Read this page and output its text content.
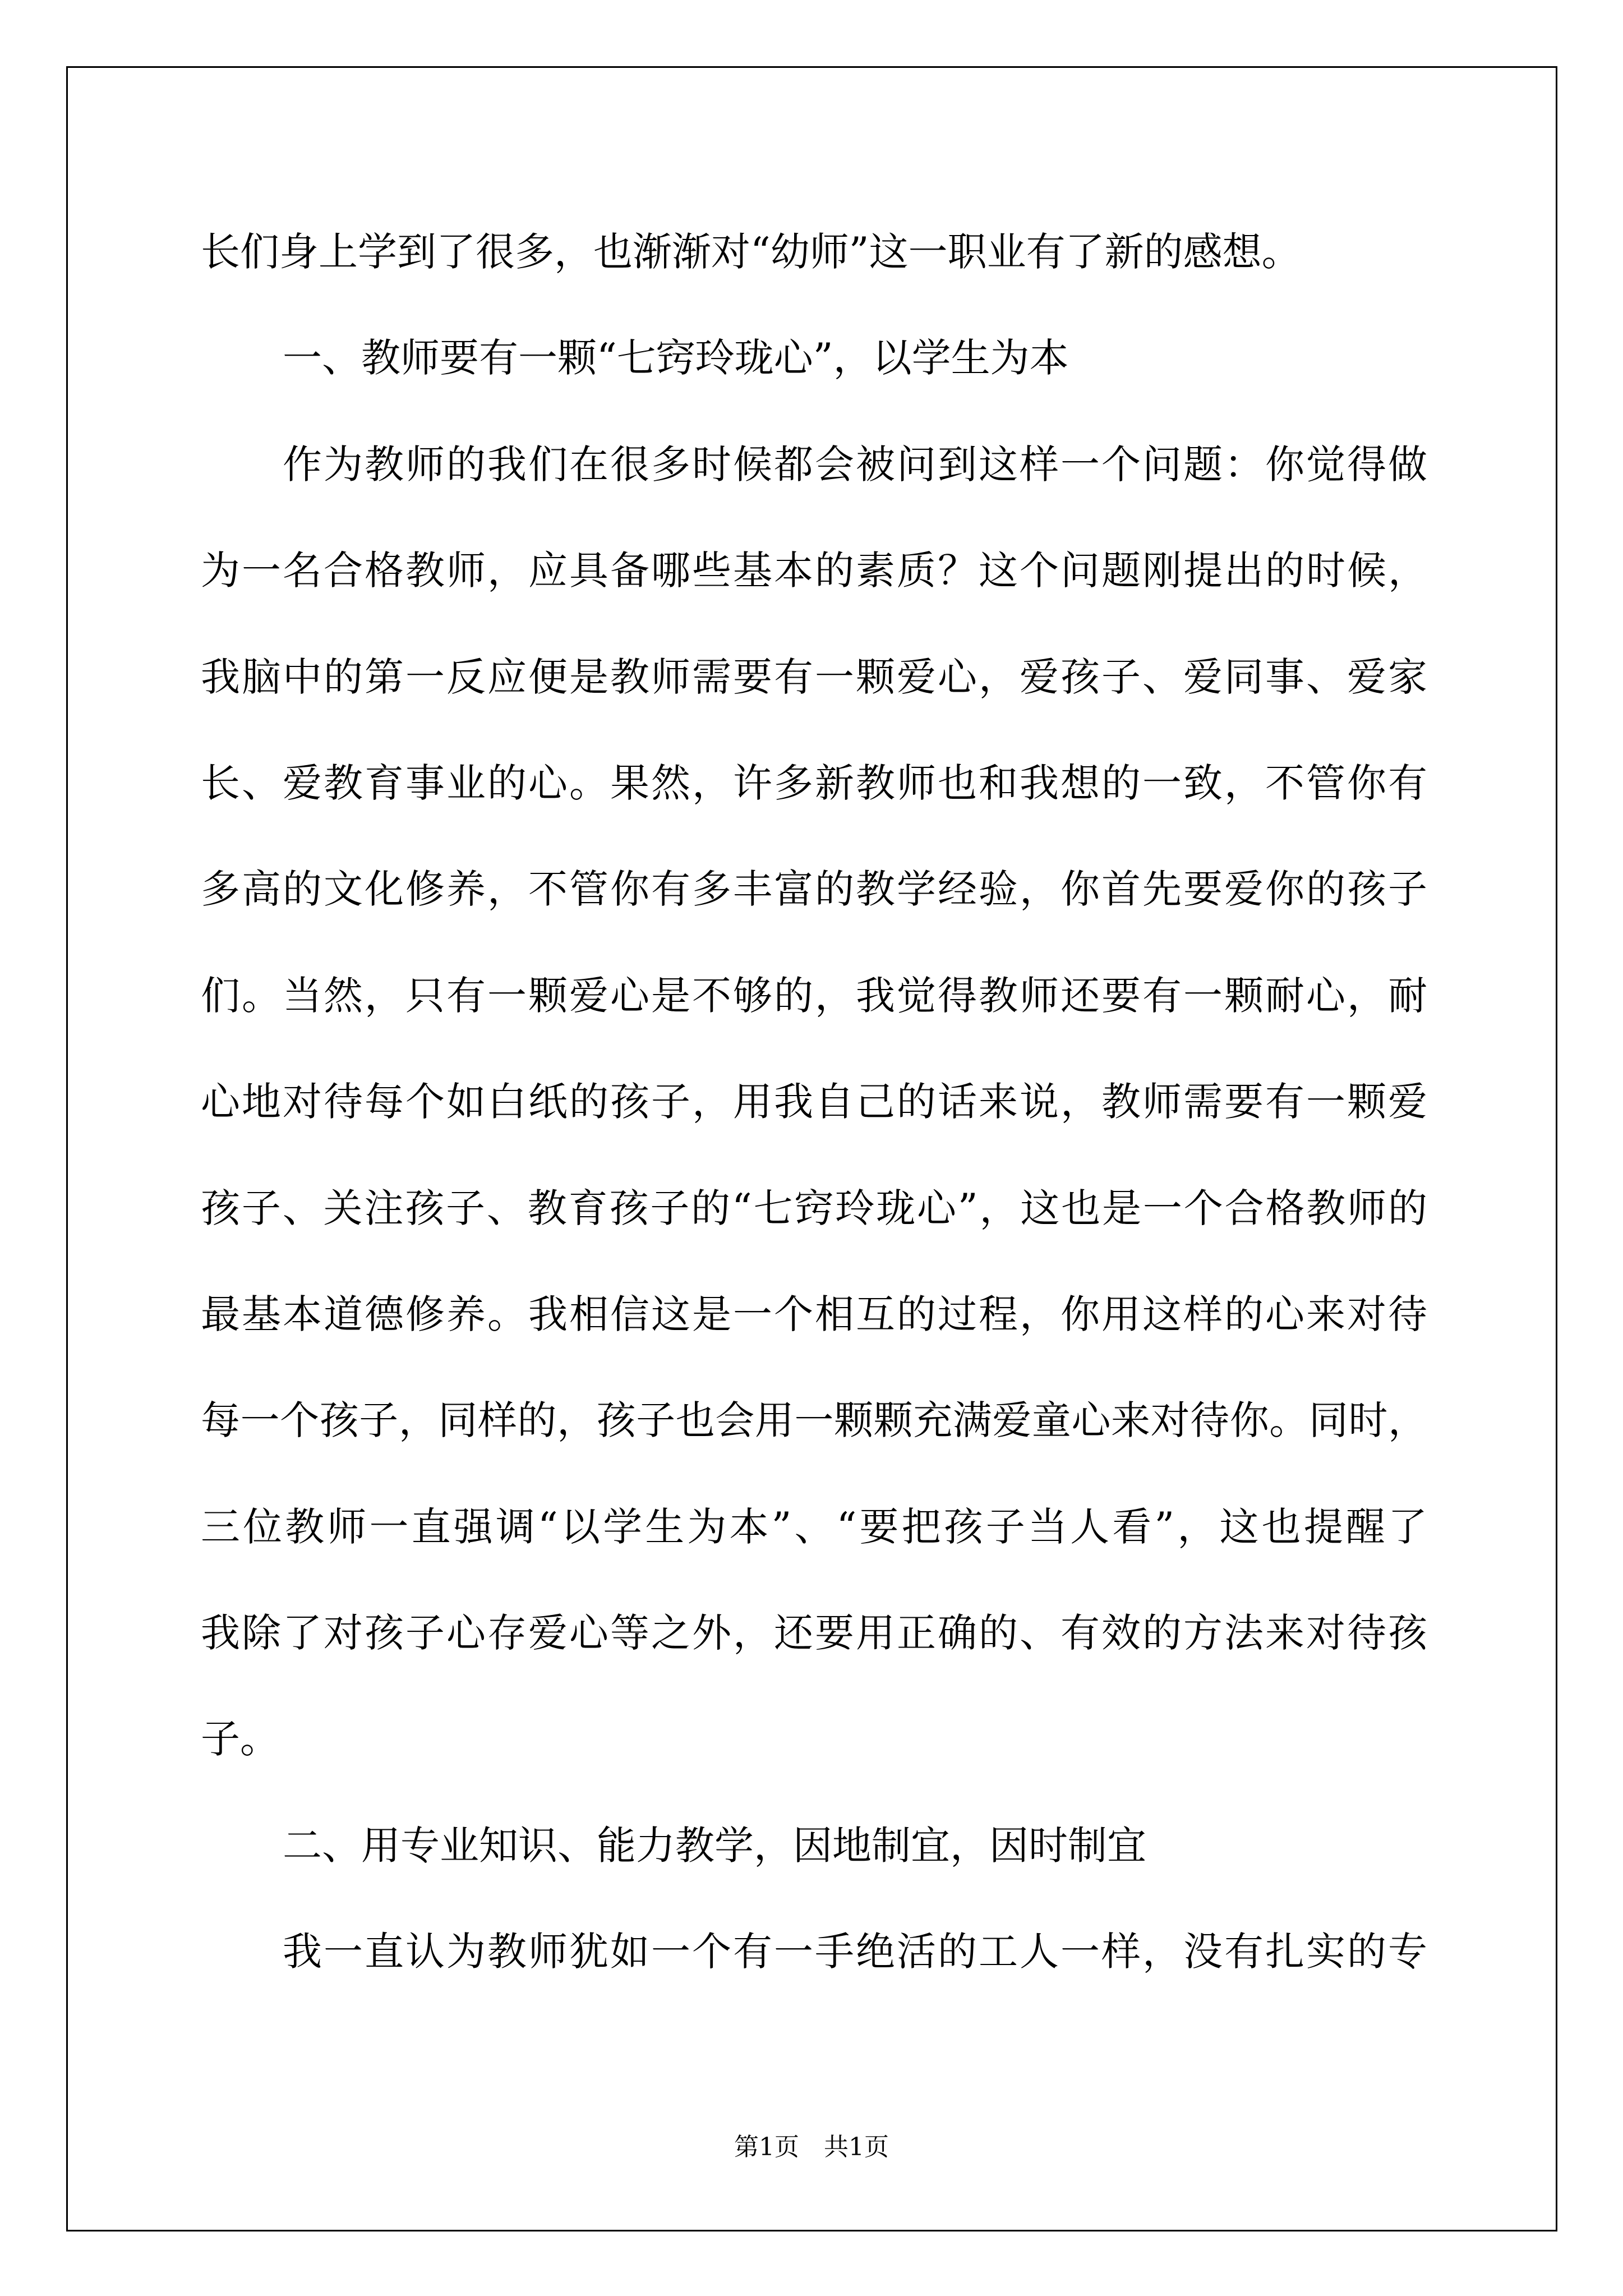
长们身上学到了很多，也渐渐对“幼师”这一职业有了新的感想。
一、教师要有一颗“七窍玲珑心”，以学生为本
作为教师的我们在很多时候都会被问到这样一个问题：你觉得做
为一名合格教师，应具备哪些基本的素质？这个问题刚提出的时候，
我脑中的第一反应便是教师需要有一颗爱心，爱孩子、爱同事、爱家
长、爱教育事业的心。果然，许多新教师也和我想的一致，不管你有
多高的文化修养，不管你有多丰富的教学经验，你首先要爱你的孩子
们。当然，只有一颗爱心是不够的，我觉得教师还要有一颗耐心，耐
心地对待每个如白纸的孩子，用我自己的话来说，教师需要有一颗爱
孩子、关注孩子、教育孩子的“七窍玲珑心”，这也是一个合格教师的
最基本道德修养。我相信这是一个相互的过程，你用这样的心来对待
每一个孩子，同样的，孩子也会用一颗颗充满爱童心来对待你。同时，
三位教师一直强调“以学生为本”、“要把孩子当人看”，这也提醒了
我除了对孩子心存爱心等之外，还要用正确的、有效的方法来对待孩
子。
二、用专业知识、能力教学，因地制宜，因时制宜
我一直认为教师犹如一个有一手绝活的工人一样，没有扎实的专
第1页 共1页
